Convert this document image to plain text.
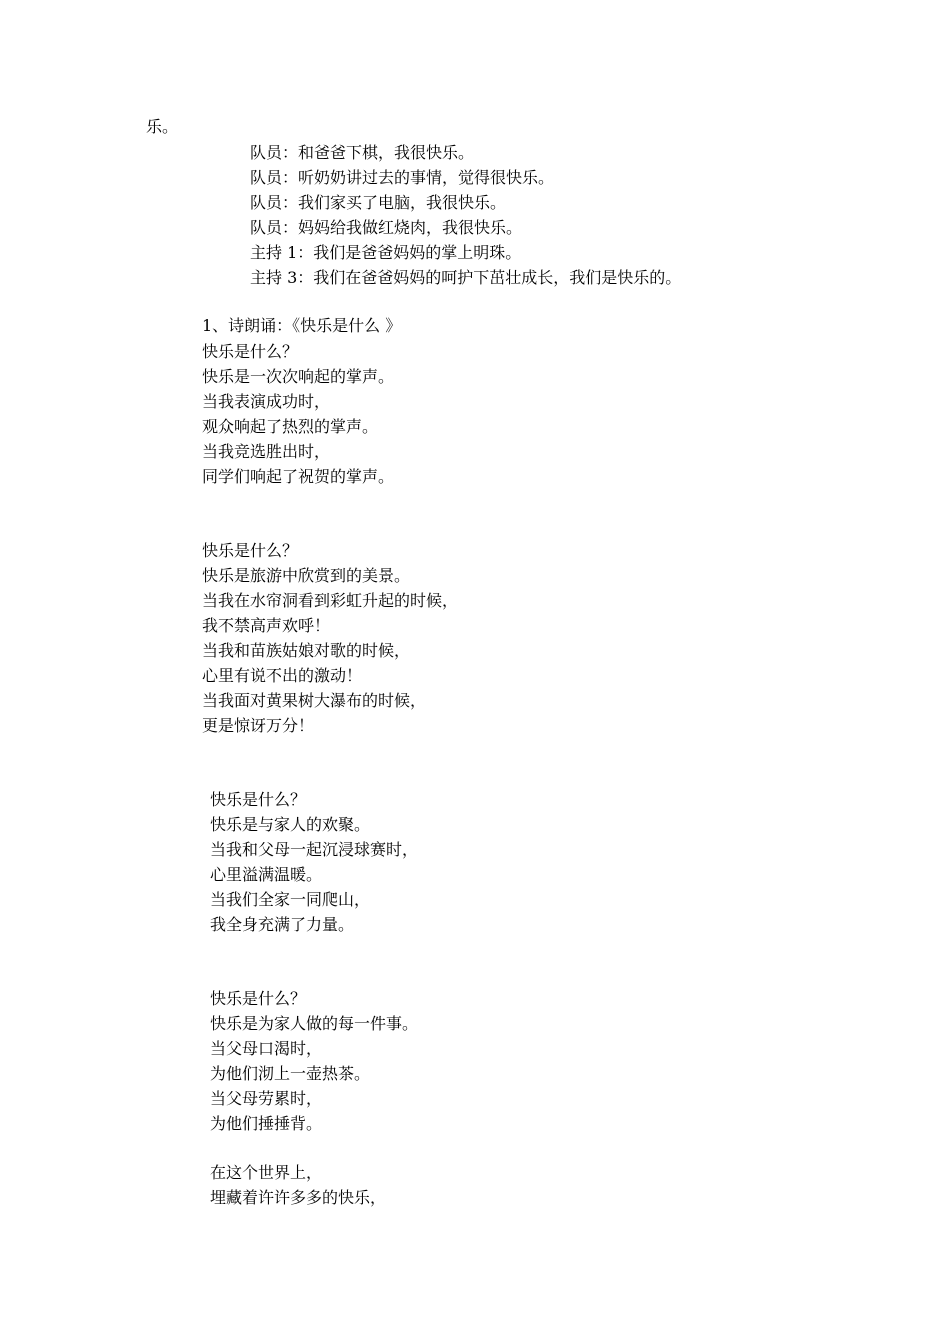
乐。
队员：和爸爸下棋，我很快乐。
队员：听奶奶讲过去的事情，觉得很快乐。
队员：我们家买了电脑，我很快乐。
队员：妈妈给我做红烧肉，我很快乐。
主持 1：我们是爸爸妈妈的掌上明珠。
主持 3：我们在爸爸妈妈的呵护下茁壮成长，我们是快乐的。
1、诗朗诵：《快乐是什么 》
快乐是什么？
快乐是一次次响起的掌声。
当我表演成功时，
观众响起了热烈的掌声。
当我竞选胜出时，
同学们响起了祝贺的掌声。
快乐是什么？
快乐是旅游中欣赏到的美景。
当我在水帘洞看到彩虹升起的时候，
我不禁高声欢呼！
当我和苗族姑娘对歌的时候，
心里有说不出的激动！
当我面对黄果树大瀑布的时候，
更是惊讶万分！
快乐是什么？
快乐是与家人的欢聚。
当我和父母一起沉浸球赛时，
心里溢满温暖。
当我们全家一同爬山，
我全身充满了力量。
快乐是什么？
快乐是为家人做的每一件事。
当父母口渴时，
为他们沏上一壶热茶。
当父母劳累时，
为他们捶捶背。
在这个世界上，
埋藏着许许多多的快乐，
